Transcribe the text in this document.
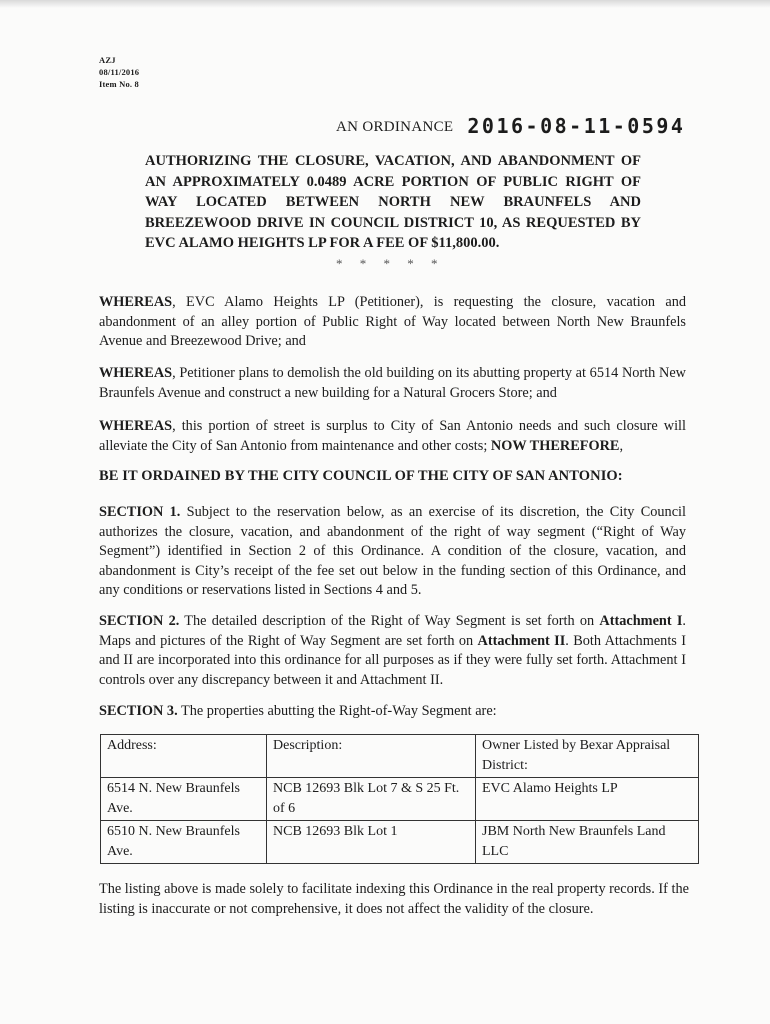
AZJ
08/11/2016
Item No. 8
AN ORDINANCE 2016-08-11-0594
AUTHORIZING THE CLOSURE, VACATION, AND ABANDONMENT OF AN APPROXIMATELY 0.0489 ACRE PORTION OF PUBLIC RIGHT OF WAY LOCATED BETWEEN NORTH NEW BRAUNFELS AND BREEZEWOOD DRIVE IN COUNCIL DISTRICT 10, AS REQUESTED BY EVC ALAMO HEIGHTS LP FOR A FEE OF $11,800.00.
* * * * *
WHEREAS, EVC Alamo Heights LP (Petitioner), is requesting the closure, vacation and abandonment of an alley portion of Public Right of Way located between North New Braunfels Avenue and Breezewood Drive; and
WHEREAS, Petitioner plans to demolish the old building on its abutting property at 6514 North New Braunfels Avenue and construct a new building for a Natural Grocers Store; and
WHEREAS, this portion of street is surplus to City of San Antonio needs and such closure will alleviate the City of San Antonio from maintenance and other costs; NOW THEREFORE,
BE IT ORDAINED BY THE CITY COUNCIL OF THE CITY OF SAN ANTONIO:
SECTION 1. Subject to the reservation below, as an exercise of its discretion, the City Council authorizes the closure, vacation, and abandonment of the right of way segment (“Right of Way Segment”) identified in Section 2 of this Ordinance. A condition of the closure, vacation, and abandonment is City’s receipt of the fee set out below in the funding section of this Ordinance, and any conditions or reservations listed in Sections 4 and 5.
SECTION 2. The detailed description of the Right of Way Segment is set forth on Attachment I. Maps and pictures of the Right of Way Segment are set forth on Attachment II. Both Attachments I and II are incorporated into this ordinance for all purposes as if they were fully set forth. Attachment I controls over any discrepancy between it and Attachment II.
SECTION 3. The properties abutting the Right-of-Way Segment are:
Address:	Description:	Owner Listed by Bexar Appraisal District:
6514 N. New Braunfels Ave.	NCB 12693 Blk Lot 7 & S 25 Ft. of 6	EVC Alamo Heights LP
6510 N. New Braunfels Ave.	NCB 12693 Blk Lot 1	JBM North New Braunfels Land LLC
The listing above is made solely to facilitate indexing this Ordinance in the real property records. If the listing is inaccurate or not comprehensive, it does not affect the validity of the closure.
